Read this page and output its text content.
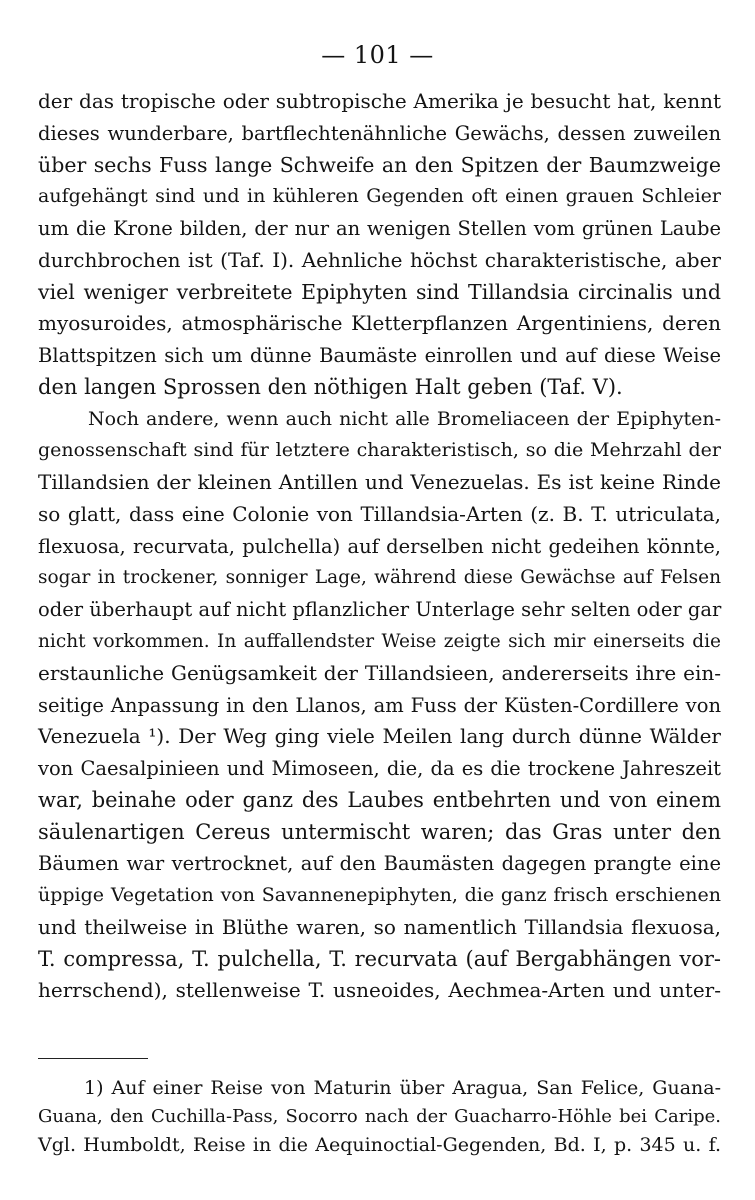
— 101 —
der das tropische oder subtropische Amerika je besucht hat, kennt
dieses wunderbare, bartflechtenähnliche Gewächs, dessen zuweilen
über sechs Fuss lange Schweife an den Spitzen der Baumzweige
aufgehängt sind und in kühleren Gegenden oft einen grauen Schleier
um die Krone bilden, der nur an wenigen Stellen vom grünen Laube
durchbrochen ist (Taf. I). Aehnliche höchst charakteristische, aber
viel weniger verbreitete Epiphyten sind Tillandsia circinalis und
myosuroides, atmosphärische Kletterpflanzen Argentiniens, deren
Blattspitzen sich um dünne Baumäste einrollen und auf diese Weise
den langen Sprossen den nöthigen Halt geben (Taf. V).
Noch andere, wenn auch nicht alle Bromeliaceen der Epiphyten-
genossenschaft sind für letztere charakteristisch, so die Mehrzahl der
Tillandsien der kleinen Antillen und Venezuelas. Es ist keine Rinde
so glatt, dass eine Colonie von Tillandsia-Arten (z. B. T. utriculata,
flexuosa, recurvata, pulchella) auf derselben nicht gedeihen könnte,
sogar in trockener, sonniger Lage, während diese Gewächse auf Felsen
oder überhaupt auf nicht pflanzlicher Unterlage sehr selten oder gar
nicht vorkommen. In auffallendster Weise zeigte sich mir einerseits die
erstaunliche Genügsamkeit der Tillandsieen, andererseits ihre ein-
seitige Anpassung in den Llanos, am Fuss der Küsten-Cordillere von
Venezuela ¹). Der Weg ging viele Meilen lang durch dünne Wälder
von Caesalpinieen und Mimoseen, die, da es die trockene Jahreszeit
war, beinahe oder ganz des Laubes entbehrten und von einem
säulenartigen Cereus untermischt waren; das Gras unter den
Bäumen war vertrocknet, auf den Baumästen dagegen prangte eine
üppige Vegetation von Savannenepiphyten, die ganz frisch erschienen
und theilweise in Blüthe waren, so namentlich Tillandsia flexuosa,
T. compressa, T. pulchella, T. recurvata (auf Bergabhängen vor-
herrschend), stellenweise T. usneoides, Aechmea-Arten und unter-
1) Auf einer Reise von Maturin über Aragua, San Felice, Guana-
Guana, den Cuchilla-Pass, Socorro nach der Guacharro-Höhle bei Caripe.
Vgl. Humboldt, Reise in die Aequinoctial-Gegenden, Bd. I, p. 345 u. f.
